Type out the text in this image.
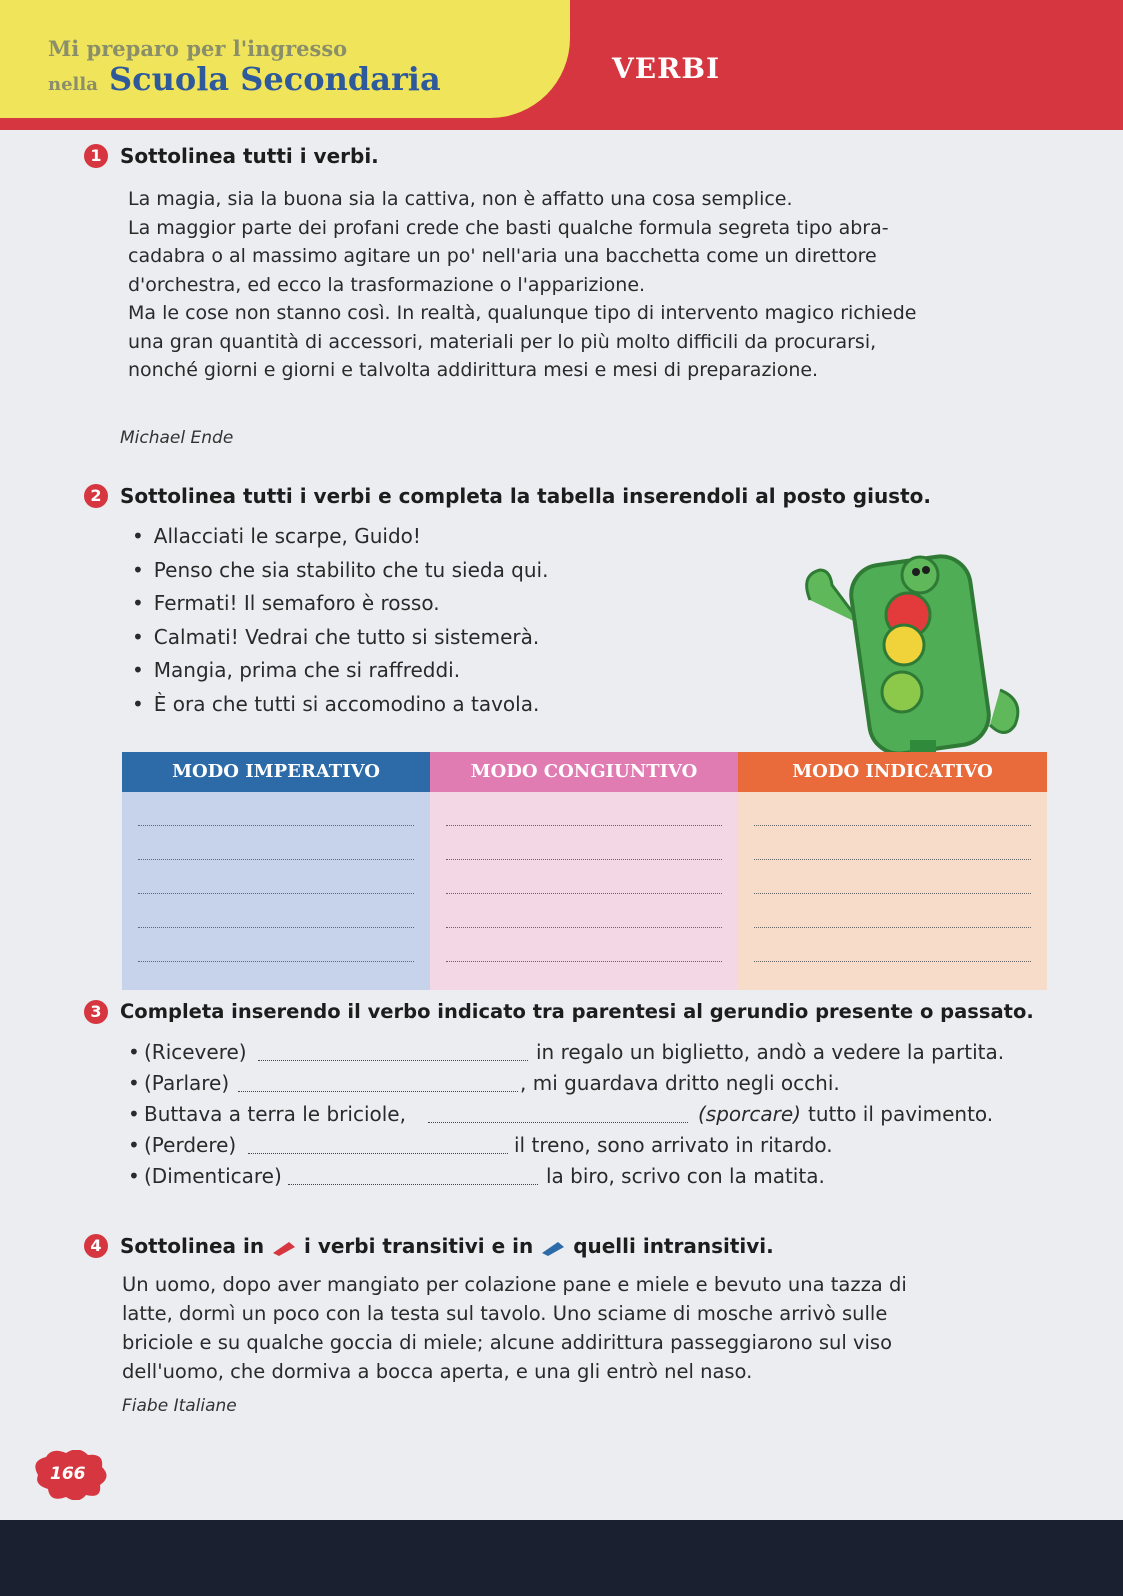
Mi preparo per l'ingresso
nella Scuola Secondaria	VERBI
1 Sottolinea tutti i verbi.
La magia, sia la buona sia la cattiva, non è affatto una cosa semplice.
La maggior parte dei profani crede che basti qualche formula segreta tipo abra-
cadabra o al massimo agitare un po' nell'aria una bacchetta come un direttore
d'orchestra, ed ecco la trasformazione o l'apparizione.
Ma le cose non stanno così. In realtà, qualunque tipo di intervento magico richiede
una gran quantità di accessori, materiali per lo più molto difficili da procurarsi,
nonché giorni e giorni e talvolta addirittura mesi e mesi di preparazione.
Michael Ende
2 Sottolinea tutti i verbi e completa la tabella inserendoli al posto giusto.
• Allacciati le scarpe, Guido!
• Penso che sia stabilito che tu sieda qui.
• Fermati! Il semaforo è rosso.
• Calmati! Vedrai che tutto si sistemerà.
• Mangia, prima che si raffreddi.
• È ora che tutti si accomodino a tavola.
MODO IMPERATIVO	MODO CONGIUNTIVO	MODO INDICATIVO
3 Completa inserendo il verbo indicato tra parentesi al gerundio presente o passato.
(Ricevere)	in regalo un biglietto, andò a vedere la partita.
(Parlare)	, mi guardava dritto negli occhi.
Buttava a terra le briciole,	(sporcare) tutto il pavimento.
(Perdere)	il treno, sono arrivato in ritardo.
(Dimenticare)	la biro, scrivo con la matita.
4 Sottolinea in i verbi transitivi e in quelli intransitivi.
Un uomo, dopo aver mangiato per colazione pane e miele e bevuto una tazza di
latte, dormì un poco con la testa sul tavolo. Uno sciame di mosche arrivò sulle
briciole e su qualche goccia di miele; alcune addirittura passeggiarono sul viso
dell'uomo, che dormiva a bocca aperta, e una gli entrò nel naso.
Fiabe Italiane
166
